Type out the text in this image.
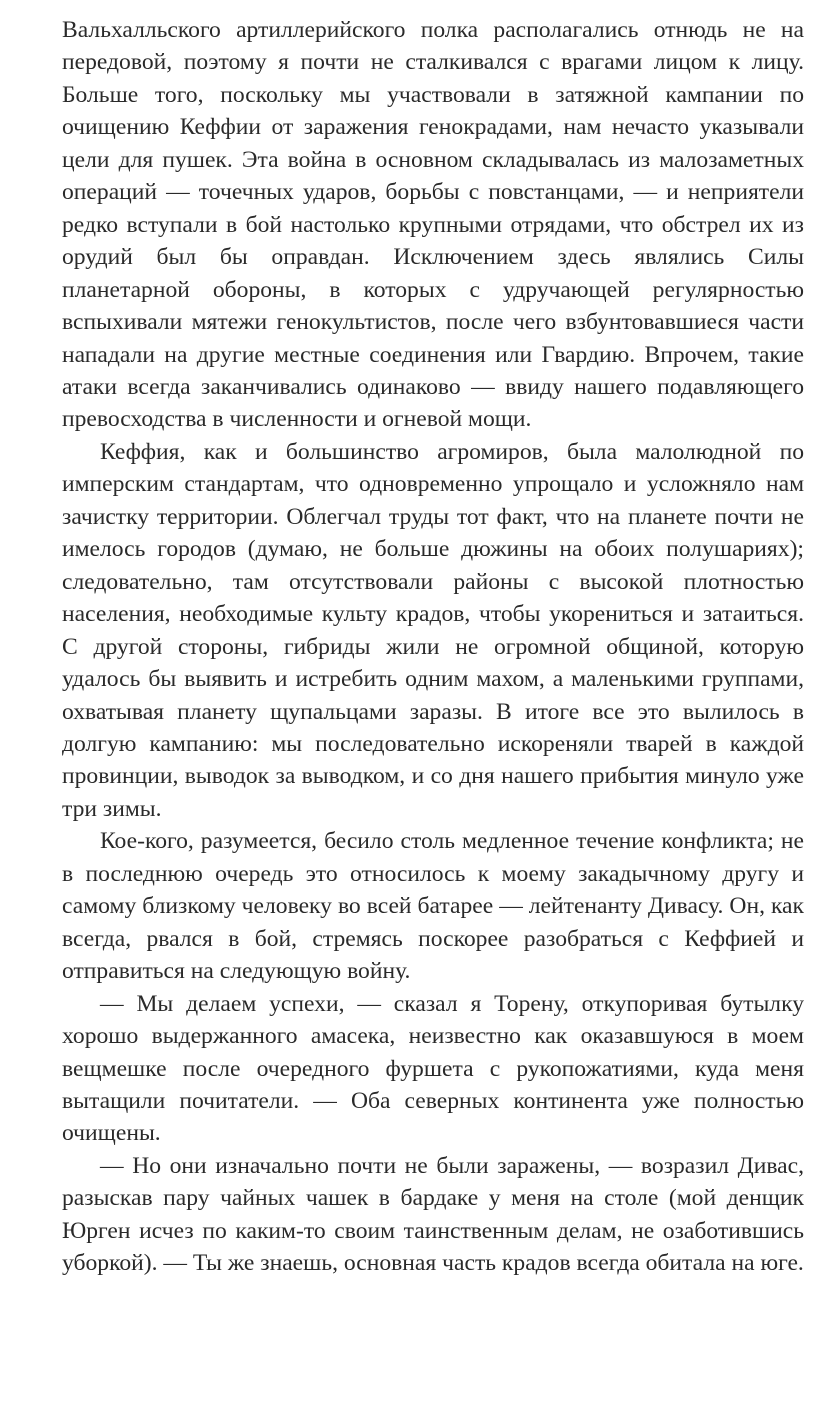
Вальхалльского артиллерийского полка располагались отнюдь не на передовой, поэтому я почти не сталкивался с врагами лицом к лицу. Больше того, поскольку мы участвовали в затяжной кампании по очищению Кеффии от заражения генокрадами, нам нечасто указывали цели для пушек. Эта война в основном складывалась из малозаметных операций — точечных ударов, борьбы с повстанцами, — и неприятели редко вступали в бой настолько крупными отрядами, что обстрел их из орудий был бы оправдан. Исключением здесь являлись Силы планетарной обороны, в которых с удручающей регулярностью вспыхивали мятежи генокультистов, после чего взбунтовавшиеся части нападали на другие местные соединения или Гвардию. Впрочем, такие атаки всегда заканчивались одинаково — ввиду нашего подавляющего превосходства в численности и огневой мощи.

Кеффия, как и большинство агромиров, была малолюдной по имперским стандартам, что одновременно упрощало и усложняло нам зачистку территории. Облегчал труды тот факт, что на планете почти не имелось городов (думаю, не больше дюжины на обоих полушариях); следовательно, там отсутствовали районы с высокой плотностью населения, необходимые культу крадов, чтобы укорениться и затаиться. С другой стороны, гибриды жили не огромной общиной, которую удалось бы выявить и истребить одним махом, а маленькими группами, охватывая планету щупальцами заразы. В итоге все это вылилось в долгую кампанию: мы последовательно искореняли тварей в каждой провинции, выводок за выводком, и со дня нашего прибытия минуло уже три зимы.

Кое-кого, разумеется, бесило столь медленное течение конфликта; не в последнюю очередь это относилось к моему закадычному другу и самому близкому человеку во всей батарее — лейтенанту Дивасу. Он, как всегда, рвался в бой, стремясь поскорее разобраться с Кеффией и отправиться на следующую войну.

— Мы делаем успехи, — сказал я Торену, откупоривая бутылку хорошо выдержанного амасека, неизвестно как оказавшуюся в моем вещмешке после очередного фуршета с рукопожатиями, куда меня вытащили почитатели. — Оба северных континента уже полностью очищены.

— Но они изначально почти не были заражены, — возразил Дивас, разыскав пару чайных чашек в бардаке у меня на столе (мой денщик Юрген исчез по каким-то своим таинственным делам, не озаботившись уборкой). — Ты же знаешь, основная часть крадов всегда обитала на юге.
